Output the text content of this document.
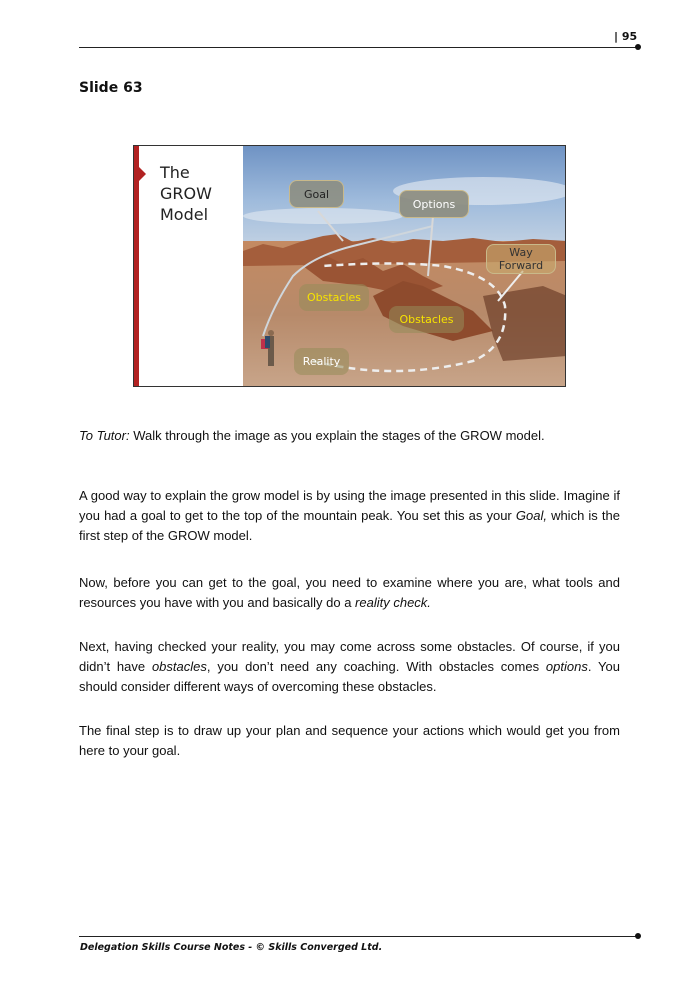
| 95
Slide 63
The
GROW
Model
Goal
Options
Way Forward
Obstacles
Obstacles
Reality

To Tutor: Walk through the image as you explain the stages of the GROW model.

A good way to explain the grow model is by using the image presented in this slide. Imagine if you had a goal to get to the top of the mountain peak. You set this as your Goal, which is the first step of the GROW model.

Now, before you can get to the goal, you need to examine where you are, what tools and resources you have with you and basically do a reality check.

Next, having checked your reality, you may come across some obstacles. Of course, if you didn’t have obstacles, you don’t need any coaching. With obstacles comes options. You should consider different ways of overcoming these obstacles.

The final step is to draw up your plan and sequence your actions which would get you from here to your goal.

Delegation Skills Course Notes - © Skills Converged Ltd.
